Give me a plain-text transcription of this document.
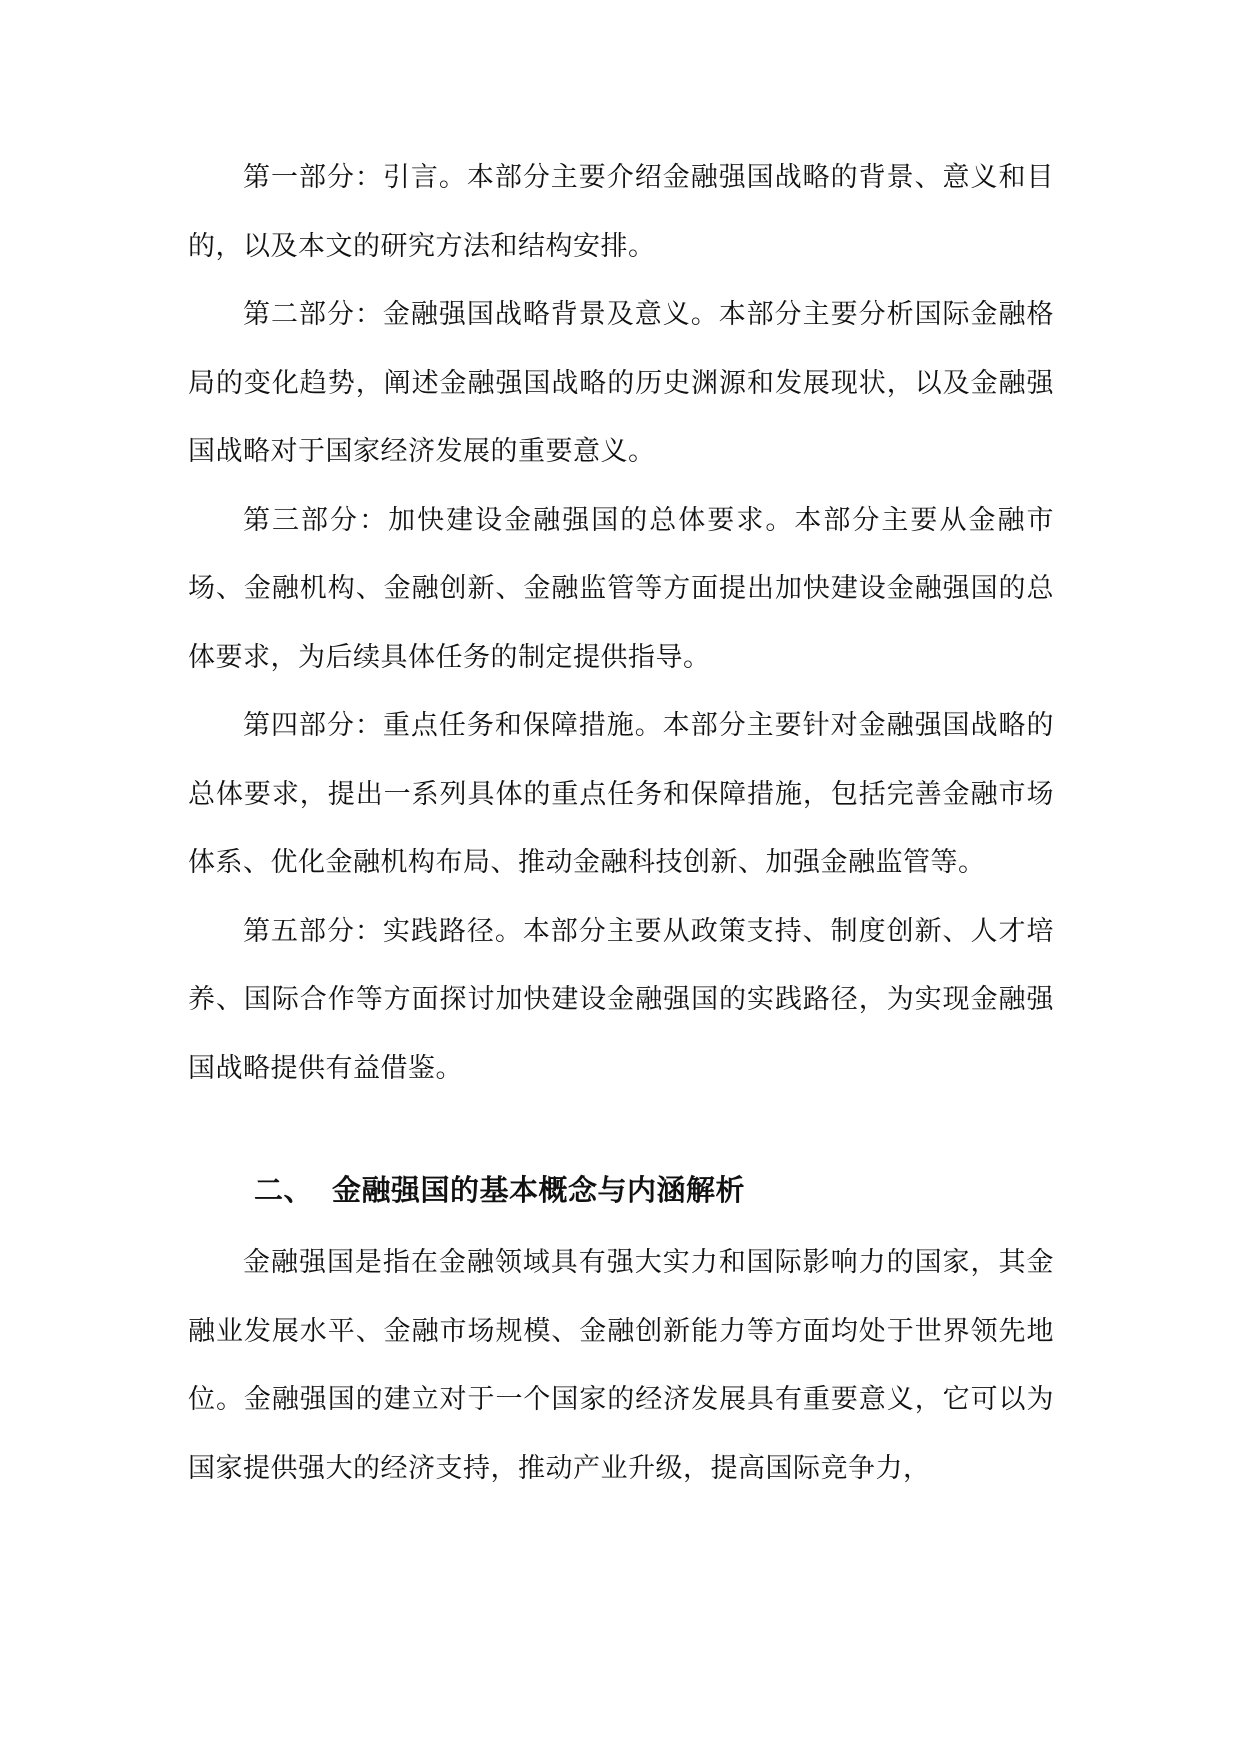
第一部分：引言。本部分主要介绍金融强国战略的背景、意义和目的，以及本文的研究方法和结构安排。

第二部分：金融强国战略背景及意义。本部分主要分析国际金融格局的变化趋势，阐述金融强国战略的历史渊源和发展现状，以及金融强国战略对于国家经济发展的重要意义。

第三部分：加快建设金融强国的总体要求。本部分主要从金融市场、金融机构、金融创新、金融监管等方面提出加快建设金融强国的总体要求，为后续具体任务的制定提供指导。

第四部分：重点任务和保障措施。本部分主要针对金融强国战略的总体要求，提出一系列具体的重点任务和保障措施，包括完善金融市场体系、优化金融机构布局、推动金融科技创新、加强金融监管等。

第五部分：实践路径。本部分主要从政策支持、制度创新、人才培养、国际合作等方面探讨加快建设金融强国的实践路径，为实现金融强国战略提供有益借鉴。

二、 金融强国的基本概念与内涵解析

金融强国是指在金融领域具有强大实力和国际影响力的国家，其金融业发展水平、金融市场规模、金融创新能力等方面均处于世界领先地位。金融强国的建立对于一个国家的经济发展具有重要意义，它可以为国家提供强大的经济支持，推动产业升级，提高国际竞争力，
